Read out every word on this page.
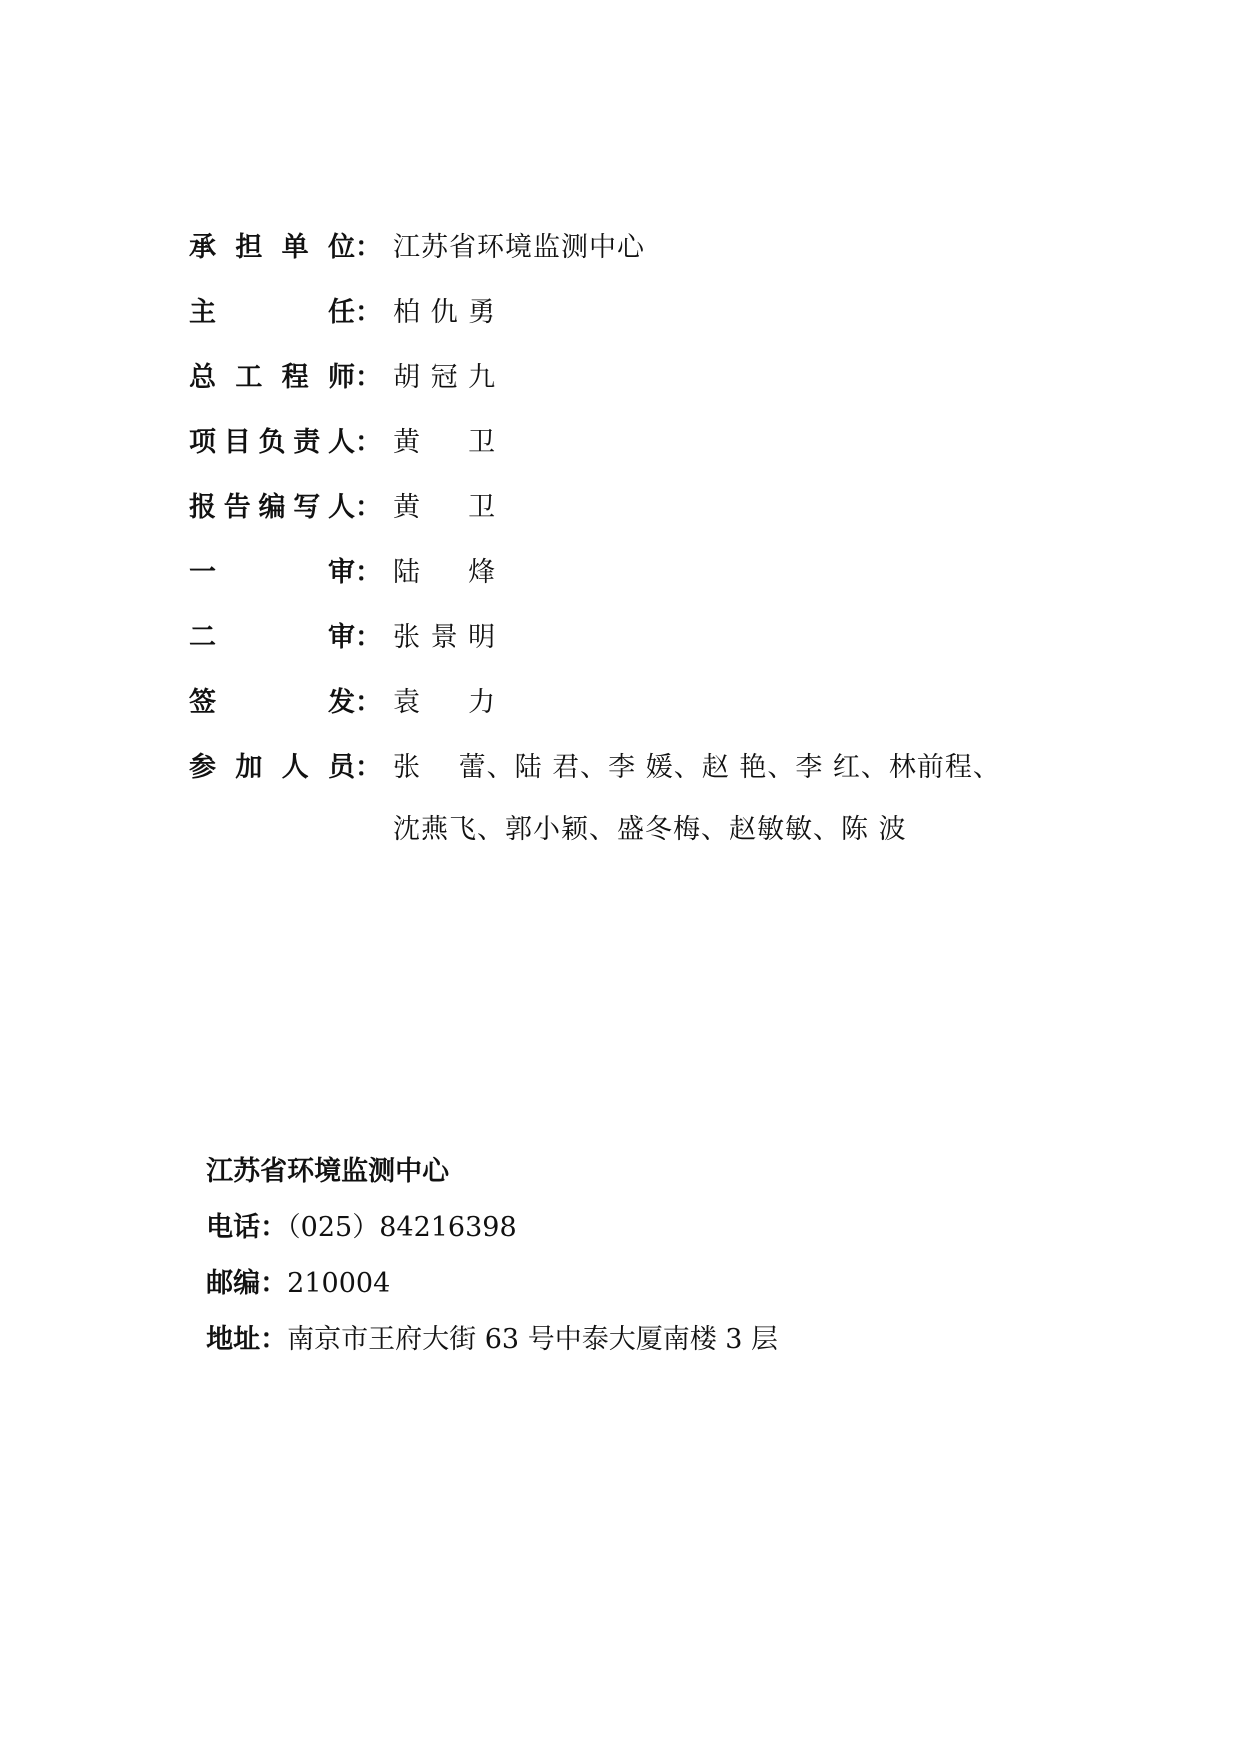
承 担 单 位 ： 江苏省环境监测中心
主	任 ： 柏 仇 勇
总 工 程 师 ： 胡 冠 九
项 目 负 责 人 ： 黄 　 卫
报 告 编 写 人 ： 黄 　 卫
一	审 ： 陆 　 烽
二	审 ： 张 景 明
签	发 ： 袁 　 力
参 加 人 员 ： 张 　蕾、陆 君、李 媛、赵 艳、李 红、林前程、

沈燕飞、郭小颖、盛冬梅、赵敏敏、陈 波

江苏省环境监测中心

电话：（025）84216398

邮编：210004

地址：南京市王府大街 63 号中泰大厦南楼 3 层
